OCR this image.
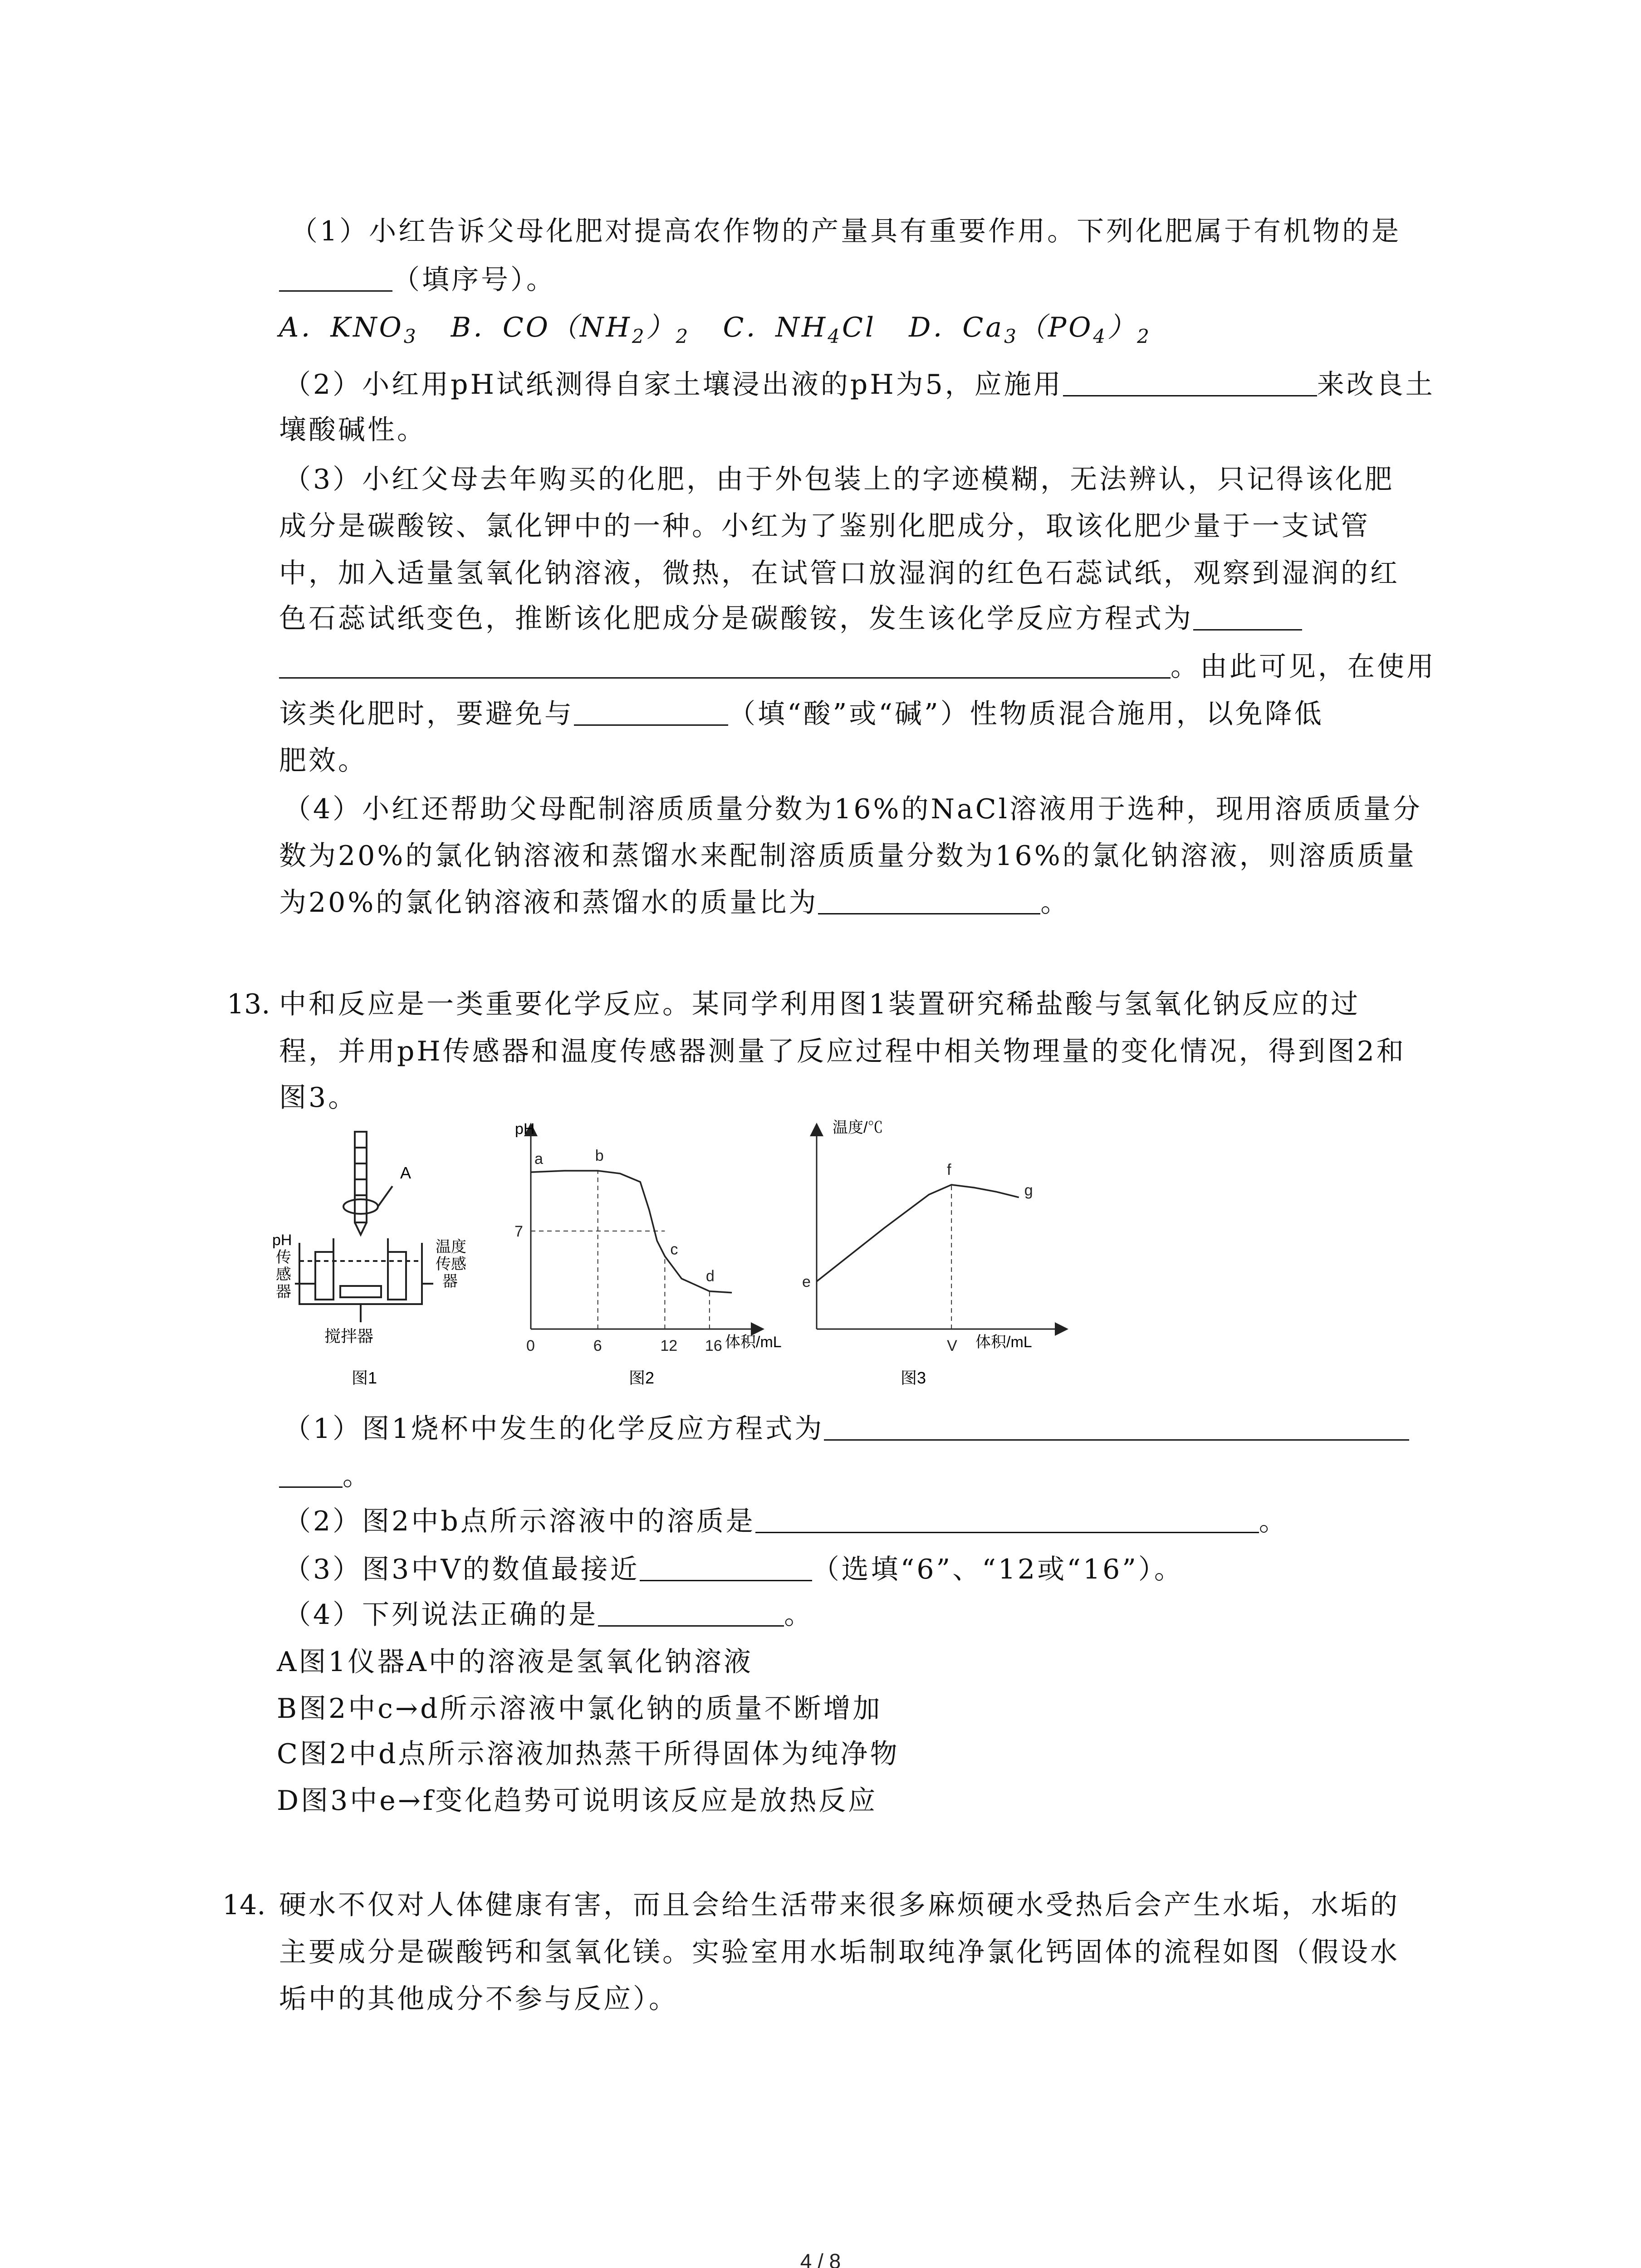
（1）小红告诉父母化肥对提高农作物的产量具有重要作用。下列化肥属于有机物的是
（填序号）。
A．$KNO_3$ B．$CO(NH_2)_2$ C．$NH_4Cl$ D．$Ca_3(PO_4)_2$
（2）小红用pH试纸测得自家土壤浸出液的pH为5，应施用	来改良土
壤酸碱性。
（3）小红父母去年购买的化肥，由于外包装上的字迹模糊，无法辨认，只记得该化肥
成分是碳酸铵、氯化钾中的一种。小红为了鉴别化肥成分，取该化肥少量于一支试管
中，加入适量氢氧化钠溶液，微热，在试管口放湿润的红色石蕊试纸，观察到湿润的红
色石蕊试纸变色，推断该化肥成分是碳酸铵，发生该化学反应方程式为
。由此可见，在使用
该类化肥时，要避免与	（填“酸”或“碱”）性物质混合施用，以免降低
肥效。
（4）小红还帮助父母配制溶质质量分数为16%的NaCl溶液用于选种，现用溶质质量分
数为20%的氯化钠溶液和蒸馏水来配制溶质质量分数为16%的氯化钠溶液，则溶质质量
为20%的氯化钠溶液和蒸馏水的质量比为	。
13. 中和反应是一类重要化学反应。某同学利用图1装置研究稀盐酸与氢氧化钠反应的过
程，并用pH传感器和温度传感器测量了反应过程中相关物理量的变化情况，得到图2和
图3。
A
pH
传
感
器
温度
传感
器
搅拌器
图1
0	6	12 16
7
a	b
c
d
pH
体积/mL
图2
V
e
f
g
温度/℃
体积/mL
图3
（1）图1烧杯中发生的化学反应方程式为
。
（2）图2中b点所示溶液中的溶质是	。
（3）图3中V的数值最接近	（选填“6”、“12或“16”）。
（4）下列说法正确的是	。
A图1仪器A中的溶液是氢氧化钠溶液
B图2中c→d所示溶液中氯化钠的质量不断增加
C图2中d点所示溶液加热蒸干所得固体为纯净物
D图3中e→f变化趋势可说明该反应是放热反应
14. 硬水不仅对人体健康有害，而且会给生活带来很多麻烦硬水受热后会产生水垢，水垢的
主要成分是碳酸钙和氢氧化镁。实验室用水垢制取纯净氯化钙固体的流程如图（假设水
垢中的其他成分不参与反应）。
4 / 8
